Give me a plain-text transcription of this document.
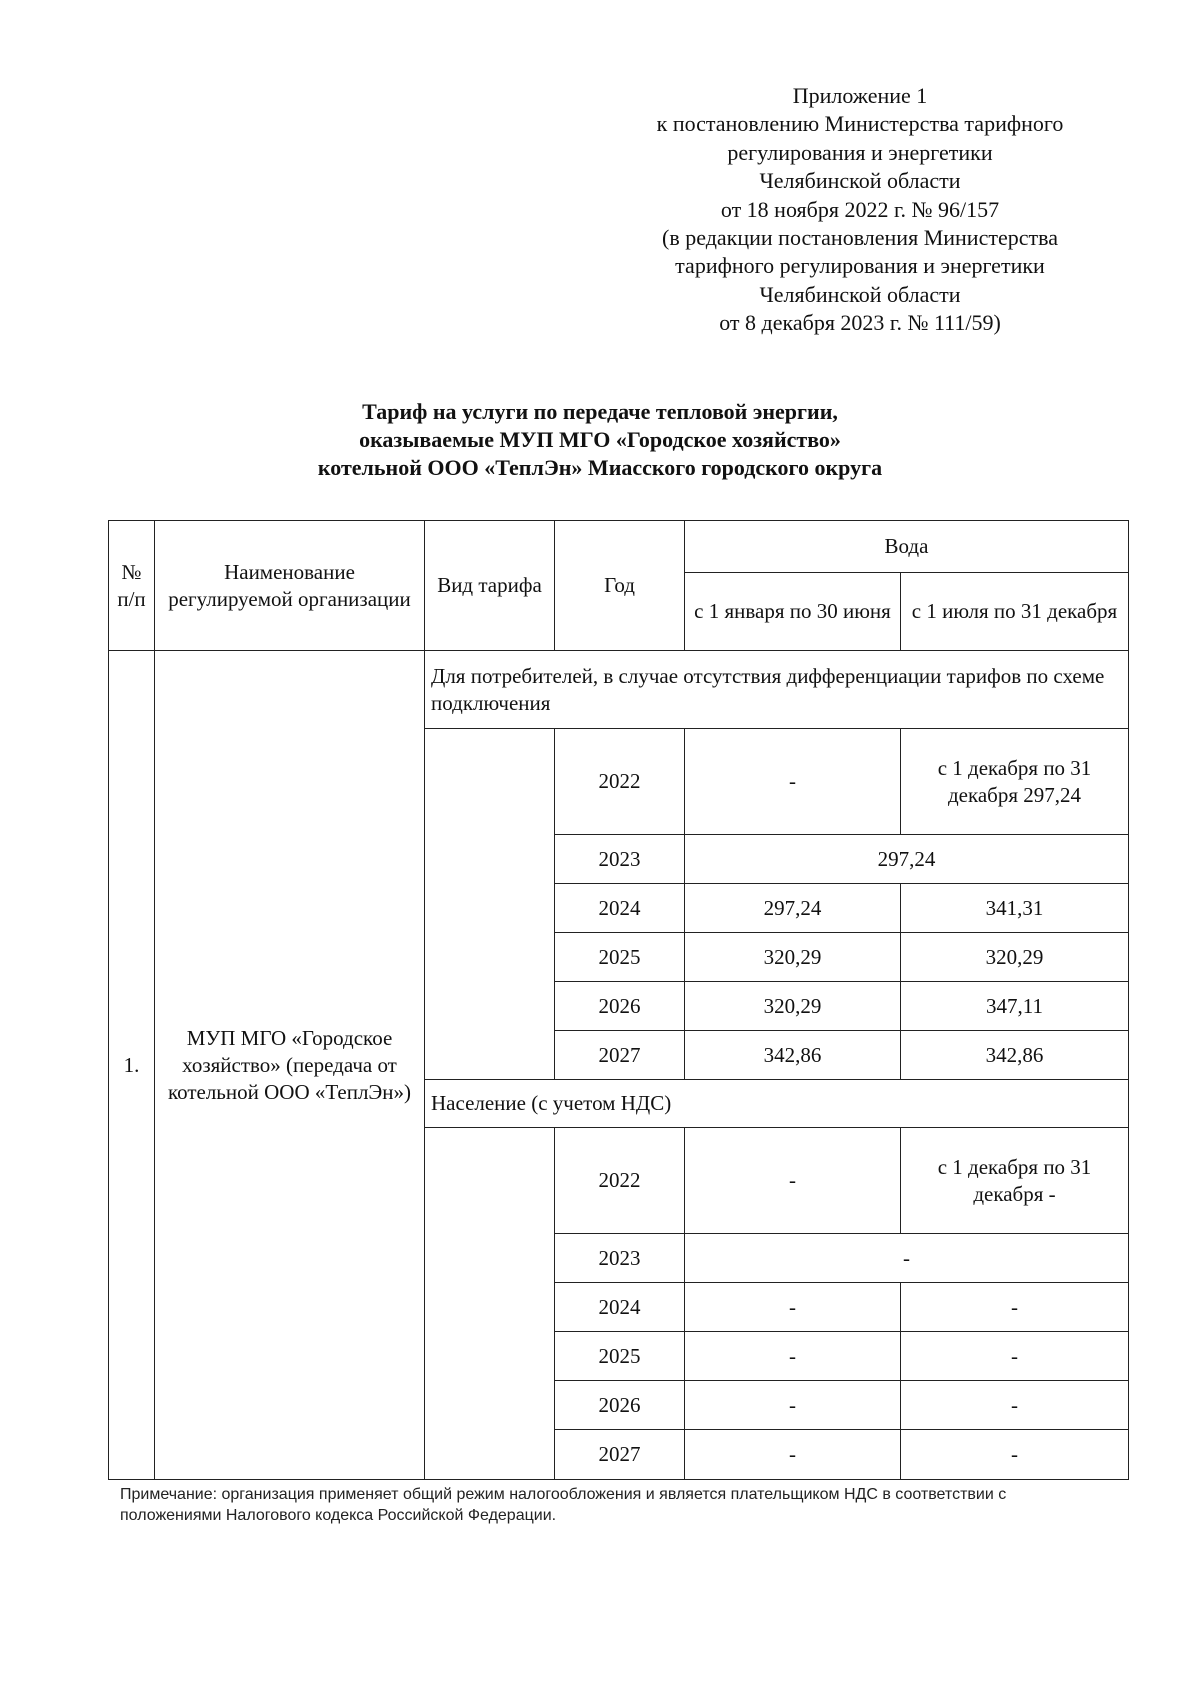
Приложение 1
к постановлению Министерства тарифного
регулирования и энергетики
Челябинской области
от 18 ноября 2022 г. № 96/157
(в редакции постановления Министерства
тарифного регулирования и энергетики
Челябинской области
от 8 декабря 2023 г. № 111/59)
Тариф на услуги по передаче тепловой энергии,
оказываемые МУП МГО «Городское хозяйство»
котельной ООО «ТеплЭн» Миасского городского округа
№ п/п	Наименование регулируемой организации	Вид тарифа	Год	Вода	
				с 1 января по 30 июня	с 1 июля по 31 декабря
1.	МУП МГО «Городское хозяйство» (передача от котельной ООО «ТеплЭн»)	Для потребителей, в случае отсутствия дифференциации тарифов по схеме подключения			
			2022	-	с 1 декабря по 31 декабря 297,24
			2023	297,24	
			2024	297,24	341,31
			2025	320,29	320,29
			2026	320,29	347,11
			2027	342,86	342,86
		Население (с учетом НДС)			
			2022	-	с 1 декабря по 31 декабря -
			2023	-	
			2024	-	-
			2025	-	-
			2026	-	-
			2027	-	-
Примечание: организация применяет общий режим налогообложения и является плательщиком НДС в соответствии с положениями Налогового кодекса Российской Федерации.
